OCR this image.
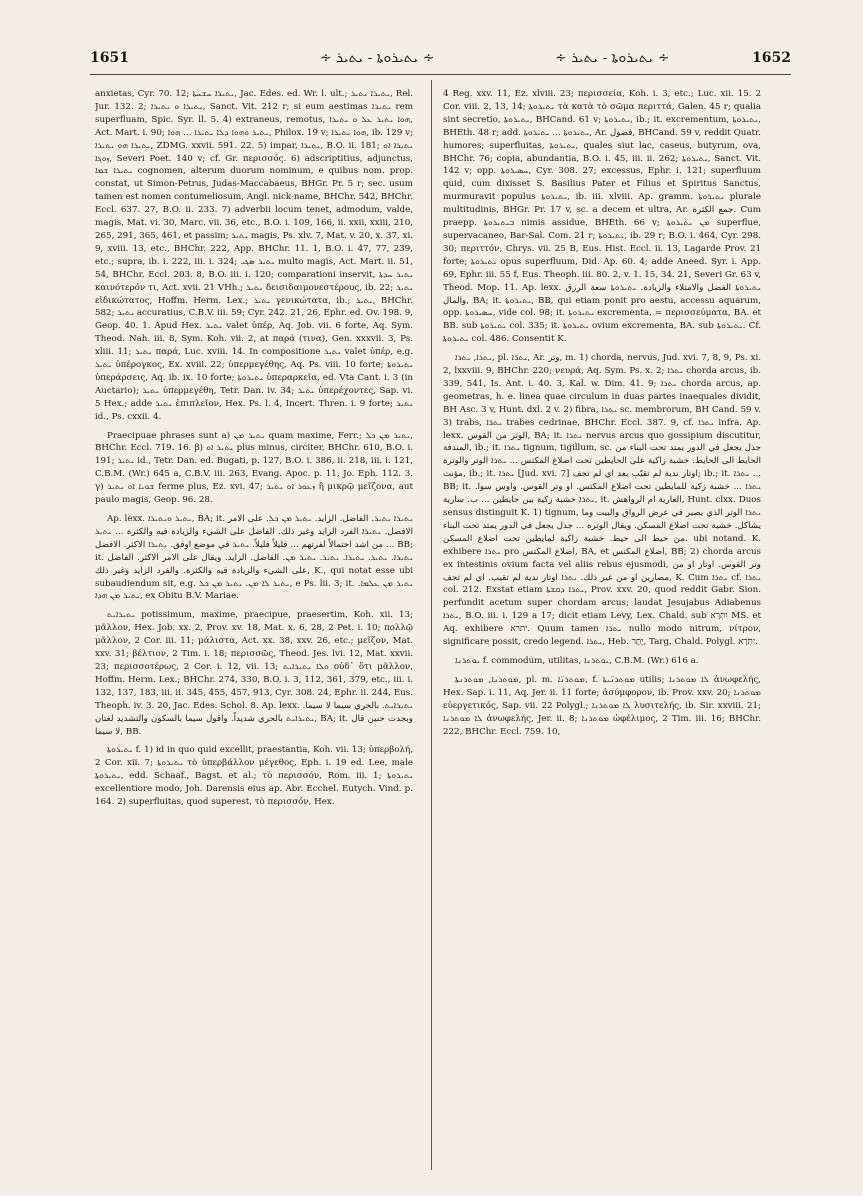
1651	∻ ܝܬܝܪܘܬܐ - ܝܬܝܪ ∻	∻ ܝܬܝܪܘܬܐ - ܝܬܝܪ ∻	1652

anxietas, Cyr. 70. 12; ܝܬܝܪܐ ܚܫܚܬܐ, Jac. Edes. ed. Wr. l. ult.; ܝܬܝܪܐ ܝܬܝܪ, Rel. Jur. 132. 2; ܝܬܝܪܐ ܘ ܝܬܝܪܐ, Sanct. Vit. 212 r; si eum aestimas ܝܬܝܪܐ rem superfluam, Spic. Syr. ll. 5. 4) extraneus, remotus, ܗܘܐ ܝܬܝܪ ܥܠ ܘ ܝܬܝܪܐ, Act. Mart. i. 90; ܝܬܝܪ ܘܗܘܐ ܕܠܐ ܝܬܝܪܐ ... ܗܘܐ, Philox. 19 v; ܗܘܐ ܝܬܝܪܐ, ib. 129 v; ܝܬܝܪܐ ܗܘ ܝܬܝܪܐ, ZDMG. xxvii. 591. 22. 5) impar, ܝܬܝܪܐ, B.O. ii. 181; ܝܬܝܪܐ ܐܘ ܙܘܓܐ, Severi Poet. 140 v; cf. Gr. περισσός. 6) adscriptitius, adjunctus, ܝܬܝܪܐ ܫܡܐ cognomen, alterum duorum nominum, e quibus nom. prop. constat, ut Simon-Petrus, Judas-Maccabaeus, BHGr. Pr. 5 r; sec. usum tamen est nomen contumeliosum, Angl. nick-name, BHChr. 542, BHChr. Eccl. 637. 27, B.O. ii. 233. 7) adverbii locum tenet, admodum, valde, magis, Mat. vi. 30, Marc. vii. 36, etc., B.O. i. 109, 166, ii. xxii, xxiii, 210, 265, 291, 365, 461, et passim; ܝܬܝܪ magis, Ps. xlv. 7, Mat. v. 20, x. 37, xi. 9, xviii. 13, etc., BHChr. 222, App. BHChr. 11. 1, B.O. i. 47, 77, 239, etc.; supra, ib. i. 222, iii. i. 324; ܝܬܝܪ ܣܓܝ multo magis, Act. Mart. ii. 51, 54, BHChr. Eccl. 203. 8, B.O. iii. i. 120; comparationi inservit, ܝܬܝܪ ܚܕܬܐ καινότερόν τι, Act. xvii. 21 VHh.; ܝܬܝܪ δεισιδαιμονεστέρους, ib. 22; ܝܬܝܪ εἰδικώτατος, Hoffm. Herm. Lex.; ܝܬܝܪ γενικώτατα, ib.; ܝܬܝܪ, BHChr. 582; ܝܬܝܪ accuratius, C.B.V. iii. 59; Cyr. 242. 21, 26, Ephr. ed. Ov. 198. 9, Geop. 40. 1. Apud Hex. ܝܬܝܪ valet ὑπέρ, Aq. Job. vii. 6 forte, Aq. Sym. Theod. Nah. iii. 8, Sym. Koh. vii. 2, at παρά (τινα), Gen. xxxvii. 3, Ps. xliii. 11; ܝܬܝܪ παρά, Luc. xviii. 14. In compositione ܝܬܝܪ valet ὑπέρ, e.g. ܝܬܝܪ ὑπέρογκος, Ex. xviii. 22; ὑπερμεγέθης, Aq. Ps. viii. 10 forte; ܝܬܝܪܘܬܐ ὑπεράρσεις, Aq. ib. ix. 10 forte; ܝܬܝܪܘܬܐ ὑπεραρκεῖα, ed. Vta Cant. i. 3 (in Auctario); ܝܬܝܪ ὑπερμεγέθη, Tetr. Dan. iv. 34; ܝܬܝܪ ὑπερέχοντες, Sap. vi. 5 Hex.; adde ܝܬܝܪ ἐπιπλεῖον, Hex. Ps. l. 4, Incert. Thren. i. 9 forte; ܝܬܝܪ id., Ps. cxxii. 4.

Praecipuae phrases sunt a) ܝܬܝܪ ܡܢ quam maxime, Ferr.; ܝܬܝܪ ܡܢ ܟܠ, BHChr. Eccl. 719. 16. β) ܝܬܝܪ ܐܘ plus minus, circiter, BHChr. 610, B.O. i. 191; ܝܬܝܪ id., Tetr. Dan. ed. Bugati, p. 127, B.O. i. 386, ii. 218, iii. i. 121, C.B.M. (Wr.) 645 a, C.B.V. iii. 263, Evang. Apoc. p. 11, Jo. Eph. 112. 3. γ) ܫܘܝܐ ܐܘ ܝܬܝܪ ferme plus, Ez. xvi. 47; ܙܥܘܪ ܐܘ ܝܬܝܪ ἢ μικρῷ μεῖζονα, aut paulo magis, Geop. 96. 28.

Ap. lexx. ܝܬܝܪ ܘܝܬܝܪܐ, BA; it. ܝܬܝܪܐ ܝܬܝܪ. الفاضل. الزايد. ܝܬܝܪ ܡܢ ܟܠ. على الامر الافضل. ܝܬܝܪܐ الفرد الزايد وغير ذلك. الفاضل على الشيء والزيادة فيه والكثرة ... ܝܬܝܪ ... من اشد احتمالاً لفرتهم ... فليلاً فليلاً. ܝܬܝܪ في موضع اوفق. ܝܬܝܪܐ الاكثر. الافضل BB; it. ܝܬܝܪܐ. ܝܬܝܪ. ܝܬܝܪܐ. ܝܬܝܪ. ܝܬܝܪ ܡܢ. الفاضل. الزايد. ويقال على الامر الاكثر. الفاضل على الشيء والزيادة فيه والكثرة. والفرد الزايد وغير ذلك, K., qui notat esse ubi subaudiendum sit, e.g. ܝܬܝܪ ܠܐ ܡܢ. ܝܬܝܪ ܡܢ ܟܠ, e Ps. lii. 3; it. ܝܬܝܪ ܡܢ ܥܠܡܐ. ܝܬܝܪ ܡܢ ܗܕܐ, ex Obitu B.V. Mariae.

ܝܬܝܪܐܝܬ potissimum, maxime, praecipue, praesertim, Koh. xii. 13; μᾶλλον, Hex. Job. xx. 2, Prov. xv. 18, Mat. x. 6, 28, 2 Pet. i. 10; πολλῷ μᾶλλον, 2 Cor. iii. 11; μάλιστα, Act. xx. 38, xxv. 26, etc.; μεῖζον, Mat. xxv. 31; βέλτιον, 2 Tim. i. 18; περισσῶς, Theod. Jes. lvi. 12, Mat. xxvii. 23; περισσοτέρως, 2 Cor. i. 12, vii. 13; ܘܠܐ ܝܬܝܪܐܝܬ οὐδ᾽ ὅτι μᾶλλον, Hoffm. Herm. Lex.; BHChr. 274, 330, B.O. i. 3, 112, 361, 379, etc., iii. i. 132, 137, 183, iii. ii. 345, 455, 457, 913, Cyr. 308. 24, Ephr. ii. 244, Eus. Theoph. iv. 3. 20, Jac. Edes. Schol. 8. Ap. lexx. ܝܬܝܪܐܝܬ. بالحري سيما لا سيما. ܝܬܝܪܐܝܬ بالحري شديداً. واقول سيما بالسكون والتشديد لغتان, BA; it. وبجدت حنين قال لا سيما, BB.

ܝܬܝܪܘܬܐ f. 1) id in quo quid excellit, praestantia, Koh. vii. 13; ὑπερβολή, 2 Cor. xii. 7; ܝܬܝܪܘܬܐ τὸ ὑπερβάλλον μέγεθος, Eph. i. 19 ed. Lee, male ܝܬܝܪܘܬܐ, edd. Schaaf., Bagst. et al.; τὸ περισσόν, Rom. iii. 1; ܝܬܝܪܘܬܐ excellentiore modo, Joh. Darensis eius ap. Abr. Ecchel. Eutych. Vind. p. 164. 2) superfluitas, quod superest, τὸ περισσόν, Hex.

4 Reg. xxv. 11, Ez. xlviii. 23; περισσεία, Koh. i. 3, etc.; Luc. xii. 15. 2 Cor. viii. 2, 13, 14; ܝܬܝܪܘܬܐ τὰ κατὰ τὸ σῶμα περιττά, Galen. 45 r; qualia sint secretio, ܝܬܝܪܘܬܐ, BHCand. 61 v; ܝܬܝܪܘܬܐ, ib.; it. excrementum, ܝܬܝܪܘܬܐ, BHEth. 48 r; add. ܝܬܝܪܘܬܐ ... ܝܬܝܪܘܬܐ, Ar. فضول, BHCand. 59 v, reddit Quatr. humores; superfluitas, ܝܬܝܪܘܬܐ, quales siut lac, caseus, butyrum, ova, BHChr. 76; copia, abundantia, B.O. i. 45, iii. ii. 262; ܝܬܝܪܘܬܐ, Sanct. Vit. 142 v; opp. ܚܣܝܪܘܬܐ, Cyr. 308. 27; excessus, Ephr. i. 121; superfluum quid, cum dixisset S. Basilius Pater et Filius et Spiritus Sanctus, murmuravit populus ܝܬܝܪܘܬܐ, ib. iii. xlviii. Ap. gramm. ܝܬܝܪܘܬܐ plurale multitudinis, BHGr. Pr. 17 v, sc. a decem et ultra, Ar. جمع الكثرة. Cum praepp. ܒܝܬܝܪܘܬܐ nimis assidue, BHEth. 66 v; ܡܢ ܝܬܝܪܘܬܐ superflue, supervacaneo, Bar-Sal. Com. 21 r; ܝܬܝܪܘܬܐ, ib. 29 r; B.O. i. 464, Cyr. 298. 30; περιττόν, Chrys. vii. 25 B, Eus. Hist. Eccl. ii. 13, Lagarde Prov. 21 forte; ܝܬܝܪܘܬܐ opus superfluum, Did. Ap. 60. 4; adde Aneed. Syr. i. App. 69, Ephr. iii. 55 f, Eus. Theoph. iii. 80. 2, v. 1. 15, 34. 21, Severi Gr. 63 v, Theod. Mop. 11. Ap. lexx. ܝܬܝܪܘܬܐ الفضل والامتلاء والزيادة. ܝܬܝܪܘܬܐ سعة الرزق والمال, BA; it. ܝܬܝܪܘܬܐ, BB, qui etiam ponit pro aestu, accessu aquarum, opp. ܚܣܝܪܘܬܐ, vide col. 98; it. ܝܬܝܪܘܬܐ excrementa, = περισσεύματα, BA. et BB. sub ܝܬܝܪܘܬܐ col. 335; it. ܝܬܝܪܘܬܐ ovium excrementa, BA. sub ܝܬܝܪܘܬܐ. Cf. ܝܬܝܪܘܬܐ col. 486. Consentit K.

ܝܬܪܐ, ܝܬܪܐ, pl. ܝܬܪ̈ܐ, Ar. وتر, m. 1) chorda, nervus, Jud. xvi. 7, 8, 9, Ps. xi. 2, lxxviii. 9, BHChr. 220; νευρά, Aq. Sym. Ps. x. 2; ܝܬܪܐ chorda arcus, ib. 339, 541, Is. Ant. i. 40. 3, Kal. w. Dim. 41. 9; ܝܬܪܐ chorda arcus, ap. geometras, h. e. linea quae circulum in duas partes inaequales dividit, BH Asc. 3 v, Hunt. dxl. 2 v. 2) fibra, ܝܬܪܐ sc. membrorum, BH Cand. 59 v. 3) trabs, ܝܬܪ̈ܐ trabes cedrinae, BHChr. Eccl. 387. 9, cf. ܝܬܪܐ infra. Ap. lexx. الوتر من القوس, BA; it. ܝܬܪܐ nervus arcus quo gossipium discutitur, المندفة, ib.; it. ܝܬܪܐ tignum, tigillum, sc. جذل يجعل في الدور يمتد تحت البناء من الحايط الى الحايط. خشبة زاكية على الحايطين تحت اضلاع المكتس ... ܝܬܪܐ الوتر والوترة مؤنث, ib.; it. ܝܬܪܐ [Jud. xvi. 7] اوتار ندية لم تقيّب بعد اي لم تجف; ib.; it. ܝܬܪܐ ... BB; it. ܝܬܪܐ ... خشبة زكية للمايطين تحت اضلاع المكتس. او وتر القوس. واوس سوا. ܝܬܪܐ خشبة زكية بين حايطين ... ب. سارية, it. العارية ام الرواهش, Hunt. clxx. Duos sensus distinguit K. 1) tignum, ܝܬܪܐ الوتر الذي يصير في عرض الرواق والبيت وما يشاكل. خشبة تحت اضلاع المسكن. ويقال الوترة ... جذل يجعل في الدور يمتد تحت البناء من حيط الى حيط. خشبة زاكية لمايطين تحت اضلاع المسكن. ubi notand. K. exhibere ܝܬܪܐ pro اضلاع المكتس, BA, et اضلاع المكتس, BB; 2) chorda arcus ex intestinis ovium facta vel aliis rebus ejusmodi, وتر القوس. اوتار او من مصارين او من غير ذلك. ܝܬܪܐ اوتار ندية لم تقيب. اي لم تجف, K. Cum ܝܬܪܐ cf. ܝܬܪܐ col. 212. Exstat etiam ܝܬܪܐ ܕܩܫܬܐ, Prov. xxv. 20, quod reddit Gabr. Sion. perfundit acetum super chordam arcus; laudat Jesujabus Adiabenus ܝܬܪܐ, B.O. iii. i. 129 a 17; dicit etiam Levy, Lex. Chald. sub יִתְרָא MS. et Aq. exhibere יתרא. Quum tamen ܝܬܪܐ nullo modo nitrum, νίτρον, significare possit, credo legend. ܝܬܪܐ, Heb. יֶתֶר, Targ. Chald. Polygl. יִתְרָא.

ܝܘܬܪܢܐ f. commodum, utilitas, ܝܘܬܪܢܐ, C.B.M. (Wr.) 616 a.

ܡܘܬܪܢܐ, ܡܘܬܪܢܬܐ, pl. m. ܡܘܬܪܢ̈ܐ, f. ܡܘܬܪܢ̈ܝܬܐ utilis; ܠܐ ܡܘܬܪܢܐ ἀνωφελής, Hex. Sap. i. 11, Aq. Jer. ii. 11 forte; ἀσύμφορον, ib. Prov. xxv. 20; ܡܘܬܪܢܐ εὐεργετικός, Sap. vii. 22 Polygl.; ܠܐ ܡܘܬܪܢܐ λυσιτελής, ib. Sir. xxviii. 21; ܠܐ ܡܘܬܪܢܐ ἀνωφελής, Jer. ii. 8; ܡܘܬܪܢܐ ὠφέλιμος, 2 Tim. iii. 16; BHChr. 222, BHChr. Eccl. 759. 10,
